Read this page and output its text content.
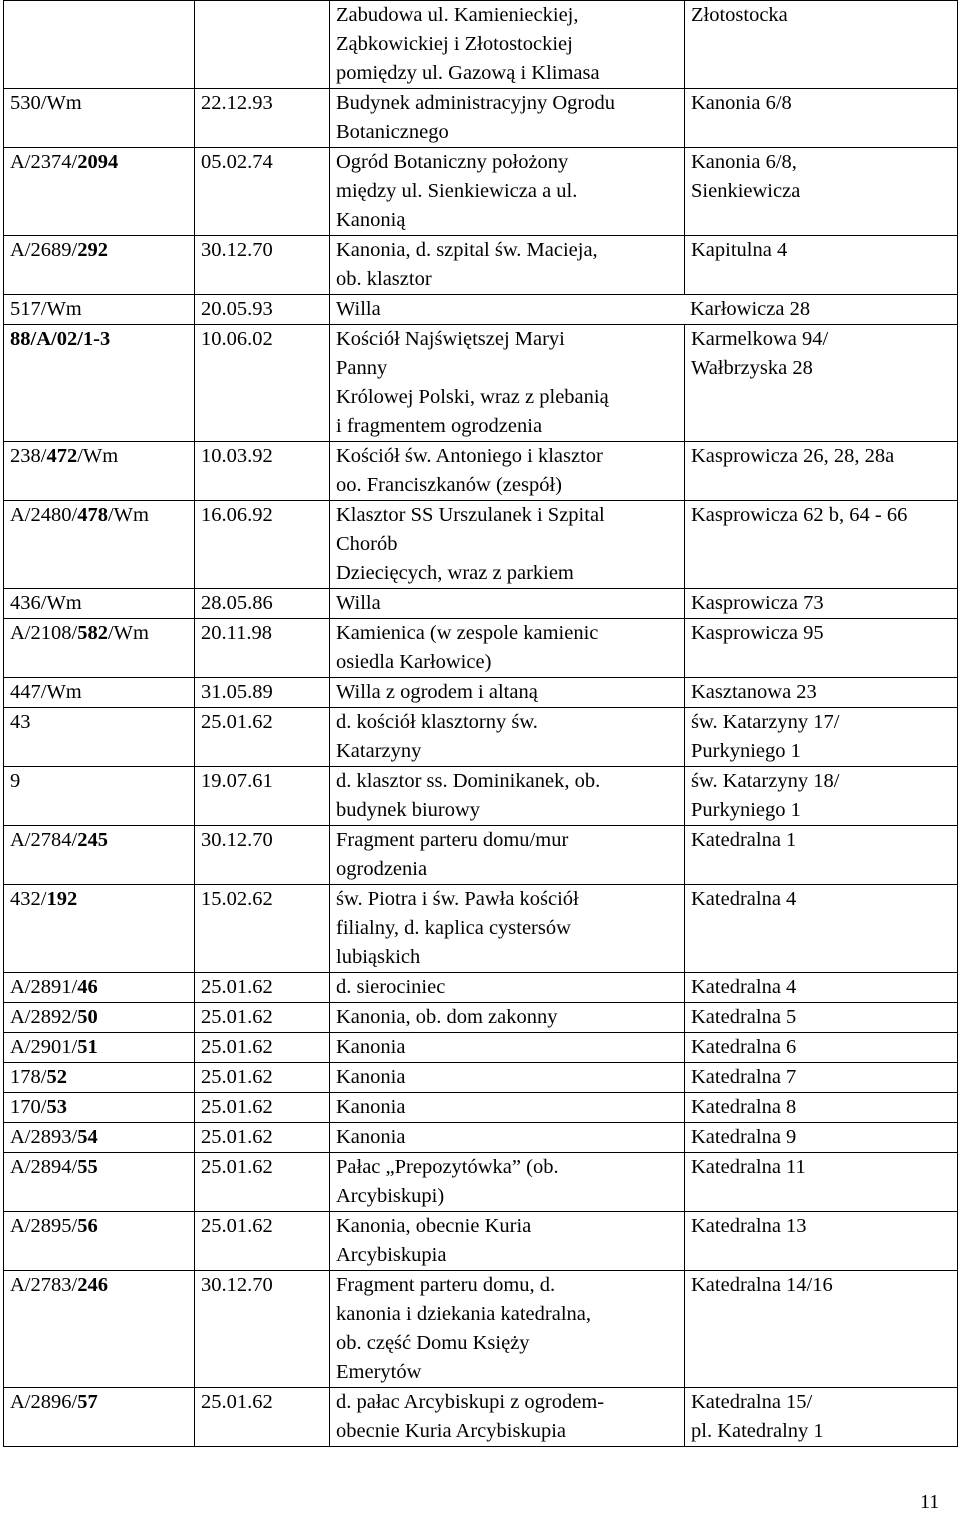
		Zabudowa ul. Kamienieckiej,
Ząbkowickiej i Złotostockiej
pomiędzy ul. Gazową i Klimasa	Złotostocka
530/Wm	22.12.93	Budynek administracyjny Ogrodu
Botanicznego	Kanonia 6/8
A/2374/2094	05.02.74	Ogród Botaniczny położony
między ul. Sienkiewicza a ul.
Kanonią	Kanonia 6/8,
Sienkiewicza
A/2689/292	30.12.70	Kanonia, d. szpital św. Macieja,
ob. klasztor	Kapitulna 4
517/Wm	20.05.93	Willa Karłowicza 28	

88/A/02/1-3	10.06.02	Kościół Najświętszej Maryi
Panny
Królowej Polski, wraz z plebanią
i fragmentem ogrodzenia	Karmelkowa 94/
Wałbrzyska 28
238/472/Wm	10.03.92	Kościół św. Antoniego i klasztor
oo. Franciszkanów (zespół)	Kasprowicza 26, 28, 28a
A/2480/478/Wm	16.06.92	Klasztor SS Urszulanek i Szpital
Chorób
Dziecięcych, wraz z parkiem	Kasprowicza 62 b, 64 - 66
436/Wm	28.05.86	Willa	Kasprowicza 73
A/2108/582/Wm	20.11.98	Kamienica (w zespole kamienic
osiedla Karłowice)	Kasprowicza 95
447/Wm	31.05.89	Willa z ogrodem i altaną	Kasztanowa 23
43	25.01.62	d. kościół klasztorny św.
Katarzyny	św. Katarzyny 17/
Purkyniego 1
9	19.07.61	d. klasztor ss. Dominikanek, ob.
budynek biurowy	św. Katarzyny 18/
Purkyniego 1
A/2784/245	30.12.70	Fragment parteru domu/mur
ogrodzenia	Katedralna 1
432/192	15.02.62	św. Piotra i św. Pawła kościół
filialny, d. kaplica cystersów
lubiąskich	Katedralna 4
A/2891/46	25.01.62	d. sierociniec	Katedralna 4
A/2892/50	25.01.62	Kanonia, ob. dom zakonny	Katedralna 5
A/2901/51	25.01.62	Kanonia	Katedralna 6
178/52	25.01.62	Kanonia	Katedralna 7
170/53	25.01.62	Kanonia	Katedralna 8
A/2893/54	25.01.62	Kanonia	Katedralna 9
A/2894/55	25.01.62	Pałac „Prepozytówka” (ob.
Arcybiskupi)	Katedralna 11
A/2895/56	25.01.62	Kanonia, obecnie Kuria
Arcybiskupia	Katedralna 13
A/2783/246	30.12.70	Fragment parteru domu, d.
kanonia i dziekania katedralna,
ob. część Domu Księży
Emerytów	Katedralna 14/16
A/2896/57	25.01.62	d. pałac Arcybiskupi z ogrodem-
obecnie Kuria Arcybiskupia	Katedralna 15/
pl. Katedralny 1
11
